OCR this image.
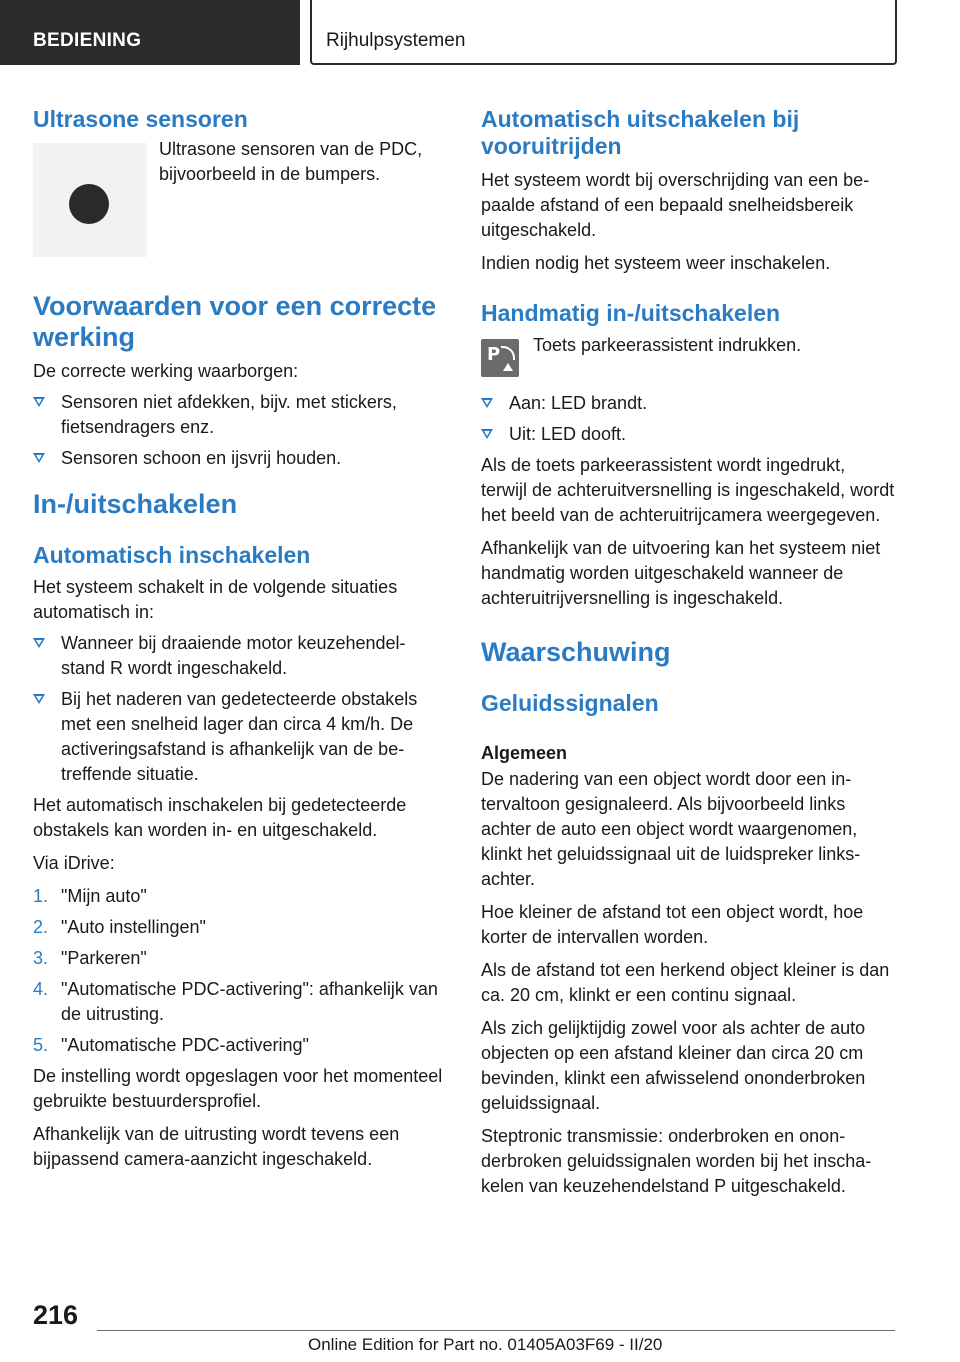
BEDIENING	Rijhulpsystemen
Ultrasone sensoren
Ultrasone sensoren van de PDC, bijvoorbeeld in de bumpers.
Voorwaarden voor een correcte werking
De correcte werking waarborgen:
Sensoren niet afdekken, bijv. met stickers, fietsendragers enz.
Sensoren schoon en ijsvrij houden.
In-/uitschakelen
Automatisch inschakelen
Het systeem schakelt in de volgende situaties automatisch in:
Wanneer bij draaiende motor keuzehendelstand R wordt ingeschakeld.
Bij het naderen van gedetecteerde obstakels met een snelheid lager dan circa 4 km/h. De activeringsafstand is afhankelijk van de betreffende situatie.
Het automatisch inschakelen bij gedetecteerde obstakels kan worden in- en uitgeschakeld.
Via iDrive:
1. "Mijn auto"
2. "Auto instellingen"
3. "Parkeren"
4. "Automatische PDC-activering": afhankelijk van de uitrusting.
5. "Automatische PDC-activering"
De instelling wordt opgeslagen voor het momenteel gebruikte bestuurdersprofiel.
Afhankelijk van de uitrusting wordt tevens een bijpassend camera-aanzicht ingeschakeld.
Automatisch uitschakelen bij vooruitrijden
Het systeem wordt bij overschrijding van een bepaalde afstand of een bepaald snelheidsbereik uitgeschakeld.
Indien nodig het systeem weer inschakelen.
Handmatig in-/uitschakelen
P Toets parkeerassistent indrukken.
Aan: LED brandt.
Uit: LED dooft.
Als de toets parkeerassistent wordt ingedrukt, terwijl de achteruitversnelling is ingeschakeld, wordt het beeld van de achteruitrijcamera weergegeven.
Afhankelijk van de uitvoering kan het systeem niet handmatig worden uitgeschakeld wanneer de achteruitrijversnelling is ingeschakeld.
Waarschuwing
Geluidssignalen
Algemeen
De nadering van een object wordt door een intervaltoon gesignaleerd. Als bijvoorbeeld links achter de auto een object wordt waargenomen, klinkt het geluidssignaal uit de luidspreker linksachter.
Hoe kleiner de afstand tot een object wordt, hoe korter de intervallen worden.
Als de afstand tot een herkend object kleiner is dan ca. 20 cm, klinkt er een continu signaal.
Als zich gelijktijdig zowel voor als achter de auto objecten op een afstand kleiner dan circa 20 cm bevinden, klinkt een afwisselend ononderbroken geluidssignaal.
Steptronic transmissie: onderbroken en ononderbroken geluidssignalen worden bij het inschakelen van keuzehendelstand P uitgeschakeld.
216
Online Edition for Part no. 01405A03F69 - II/20
